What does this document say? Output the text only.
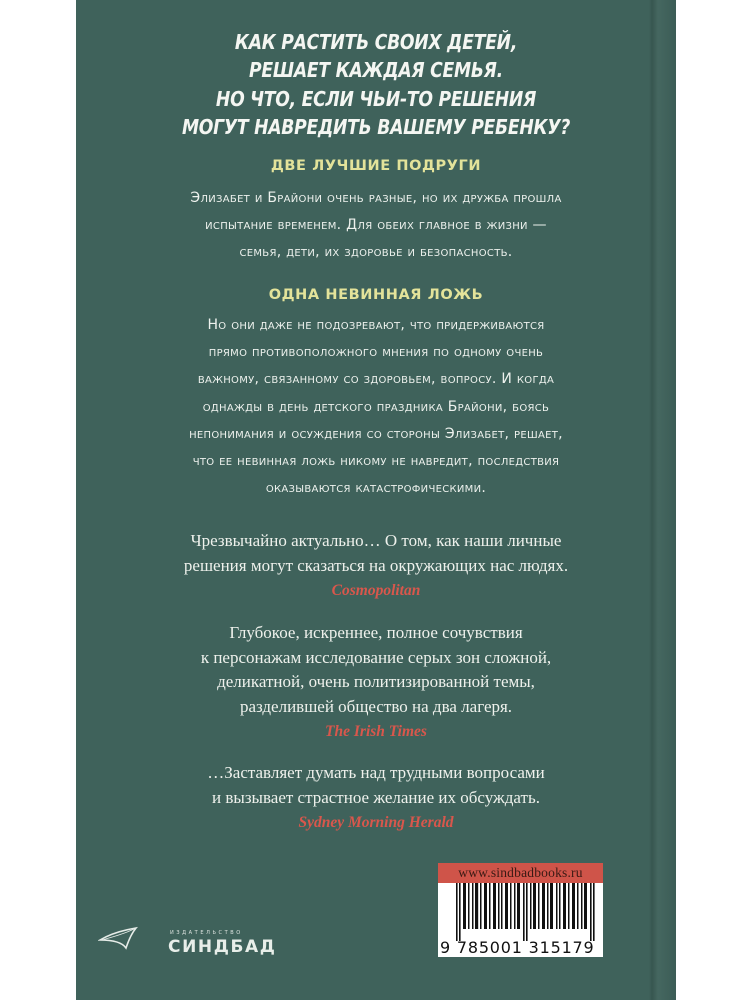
КАК РАСТИТЬ СВОИХ ДЕТЕЙ,
РЕШАЕТ КАЖДАЯ СЕМЬЯ.
НО ЧТО, ЕСЛИ ЧЬИ-ТО РЕШЕНИЯ
МОГУТ НАВРЕДИТЬ ВАШЕМУ РЕБЕНКУ?
ДВЕ ЛУЧШИЕ ПОДРУГИ
Элизабет и Брайони очень разные, но их дружба прошла
испытание временем. Для обеих главное в жизни —
семья, дети, их здоровье и безопасность.
ОДНА НЕВИННАЯ ЛОЖЬ
Но они даже не подозревают, что придерживаются
прямо противоположного мнения по одному очень
важному, связанному со здоровьем, вопросу. И когда
однажды в день детского праздника Брайони, боясь
непонимания и осуждения со стороны Элизабет, решает,
что ее невинная ложь никому не навредит, последствия
оказываются катастрофическими.
Чрезвычайно актуально… О том, как наши личные
решения могут сказаться на окружающих нас людях.
Cosmopolitan
Глубокое, искреннее, полное сочувствия
к персонажам исследование серых зон сложной,
деликатной, очень политизированной темы,
разделившей общество на два лагеря.
The Irish Times
…Заставляет думать над трудными вопросами
и вызывает страстное желание их обсуждать.
Sydney Morning Herald
ИЗДАТЕЛЬСТВО
СИНДБАД
www.sindbadbooks.ru
9 785001 315179
